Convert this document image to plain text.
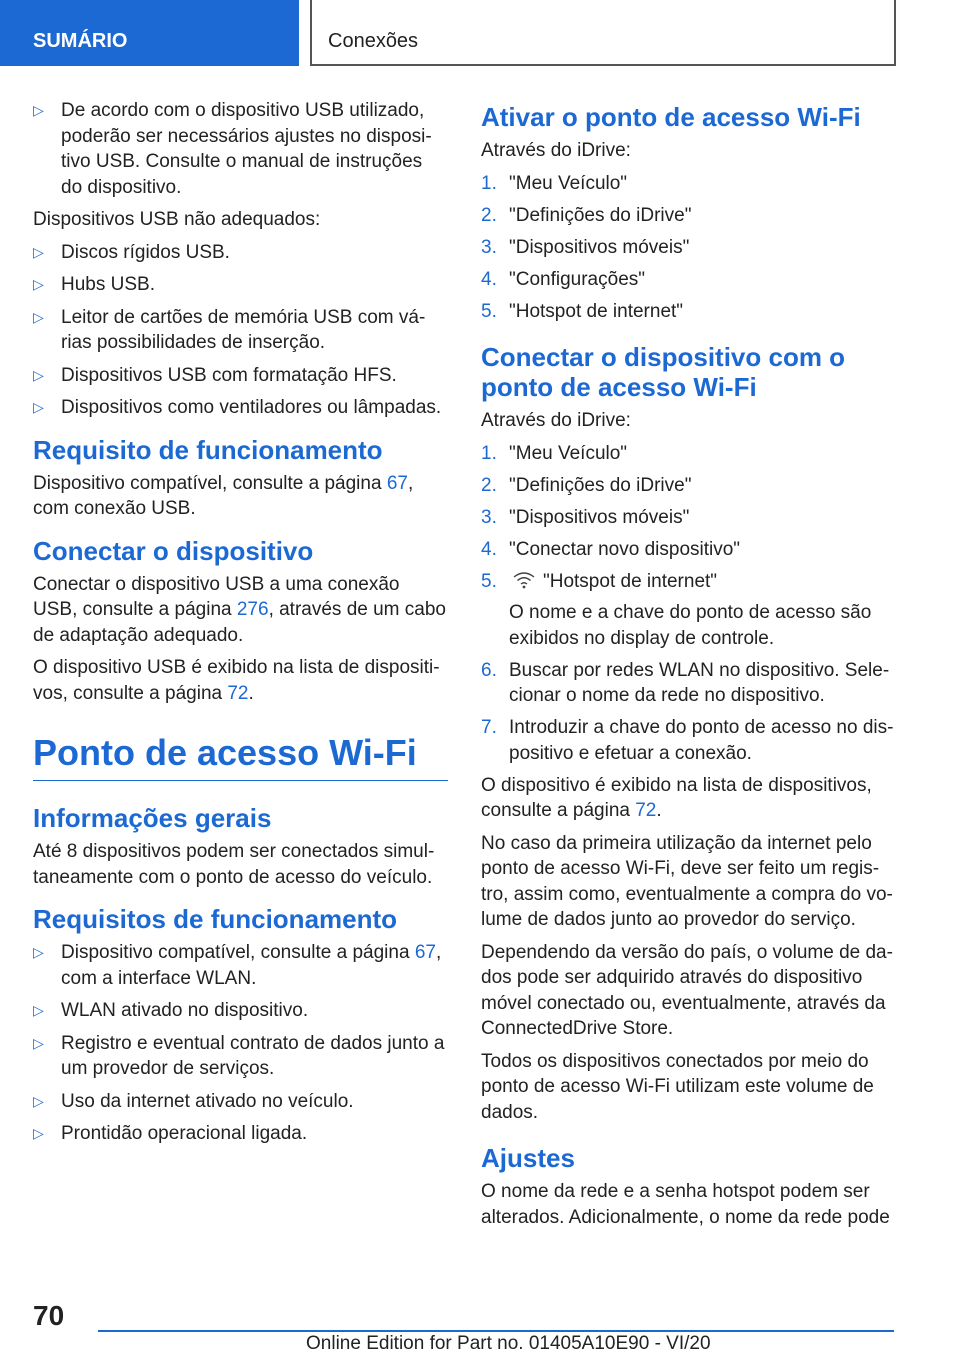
SUMÁRIO	Conexões
▷ De acordo com o dispositivo USB utilizado, poderão ser necessários ajustes no disposi- tivo USB. Consulte o manual de instruções do dispositivo.

Dispositivos USB não adequados:

▷ Discos rígidos USB.
▷ Hubs USB.
▷ Leitor de cartões de memória USB com vá- rias possibilidades de inserção.
▷ Dispositivos USB com formatação HFS.
▷ Dispositivos como ventiladores ou lâmpadas.
Requisito de funcionamento

Dispositivo compatível, consulte a página 67, com conexão USB.

Conectar o dispositivo

Conectar o dispositivo USB a uma conexão USB, consulte a página 276, através de um cabo de adaptação adequado.

O dispositivo USB é exibido na lista de dispositi- vos, consulte a página 72.

Ponto de acesso Wi-Fi
Informações gerais

Até 8 dispositivos podem ser conectados simul- taneamente com o ponto de acesso do veículo.

Requisitos de funcionamento
▷ Dispositivo compatível, consulte a página 67, com a interface WLAN.
▷ WLAN ativado no dispositivo.
▷ Registro e eventual contrato de dados junto a um provedor de serviços.
▷ Uso da internet ativado no veículo.
▷ Prontidão operacional ligada.
Ativar o ponto de acesso Wi-Fi

Através do iDrive:

1. "Meu Veículo"
2. "Definições do iDrive"
3. "Dispositivos móveis"
4. "Configurações"
5. "Hotspot de internet"
Conectar o dispositivo com o ponto de acesso Wi-Fi

Através do iDrive:

1. "Meu Veículo"
2. "Definições do iDrive"
3. "Dispositivos móveis"
4. "Conectar novo dispositivo"
5. "Hotspot de internet"
O nome e a chave do ponto de acesso são exibidos no display de controle.
6. Buscar por redes WLAN no dispositivo. Sele- cionar o nome da rede no dispositivo.
7. Introduzir a chave do ponto de acesso no dis- positivo e efetuar a conexão.

O dispositivo é exibido na lista de dispositivos, consulte a página 72.

No caso da primeira utilização da internet pelo ponto de acesso Wi-Fi, deve ser feito um regis- tro, assim como, eventualmente a compra do vo- lume de dados junto ao provedor do serviço.

Dependendo da versão do país, o volume de da- dos pode ser adquirido através do dispositivo móvel conectado ou, eventualmente, através da ConnectedDrive Store.

Todos os dispositivos conectados por meio do ponto de acesso Wi-Fi utilizam este volume de dados.

Ajustes

O nome da rede e a senha hotspot podem ser alterados. Adicionalmente, o nome da rede pode

70
Online Edition for Part no. 01405A10E90 - VI/20
